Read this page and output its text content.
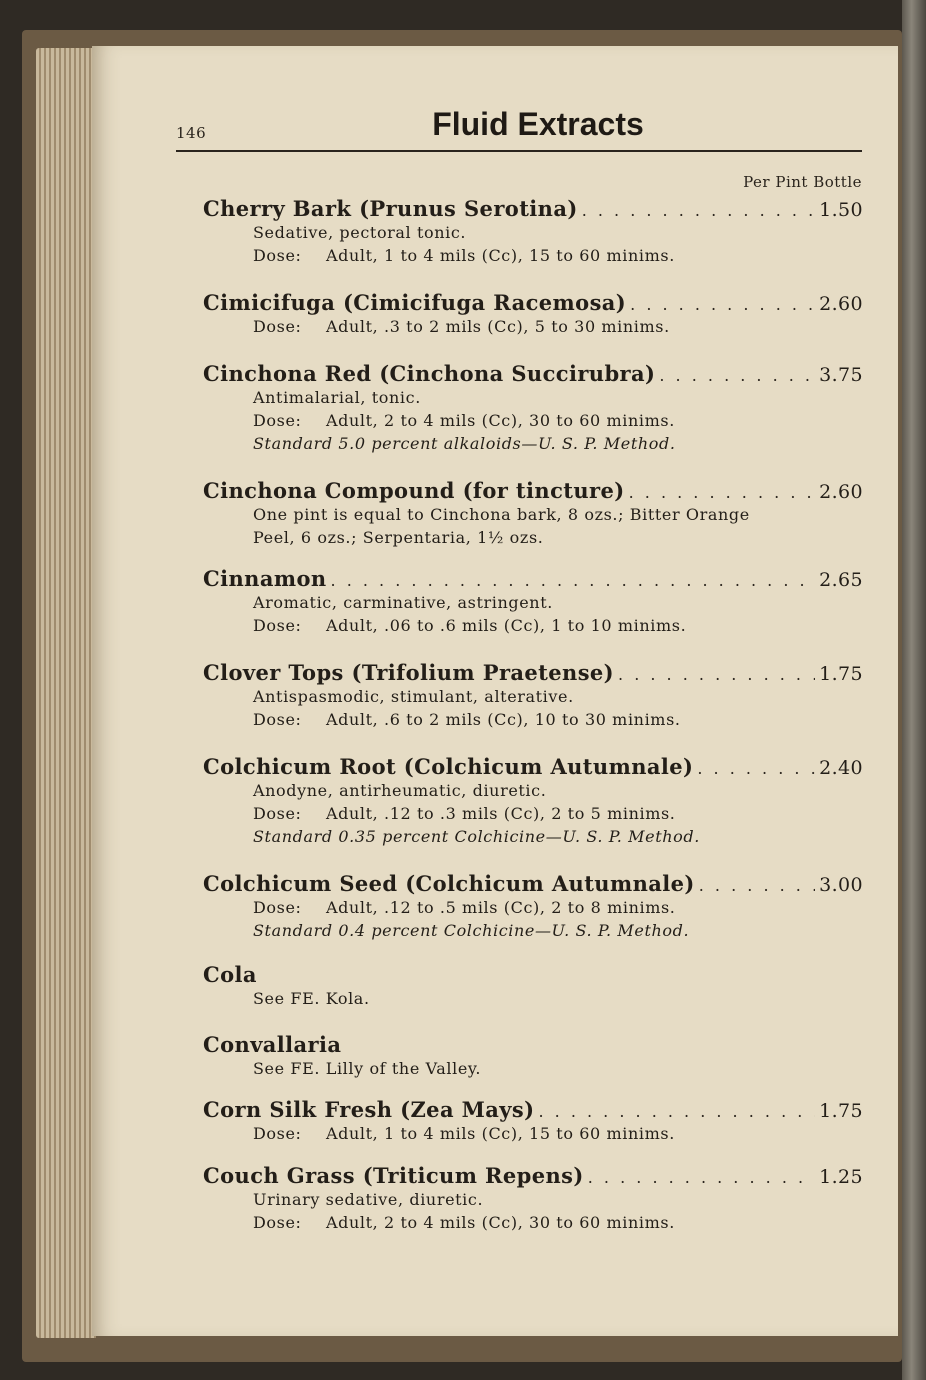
146	Fluid Extracts
Per Pint Bottle
Cherry Bark (Prunus Serotina) . . .	1.50
Sedative, pectoral tonic.
Dose: Adult, 1 to 4 mils (Cc), 15 to 60 minims.
Cimicifuga (Cimicifuga Racemosa) . . .	2.60
Dose: Adult, .3 to 2 mils (Cc), 5 to 30 minims.
Cinchona Red (Cinchona Succirubra) . . .	3.75
Antimalarial, tonic.
Dose: Adult, 2 to 4 mils (Cc), 30 to 60 minims.
Standard 5.0 percent alkaloids—U. S. P. Method.
Cinchona Compound (for tincture) . . .	2.60
One pint is equal to Cinchona bark, 8 ozs.; Bitter Orange
Peel, 6 ozs.; Serpentaria, 1½ ozs.
Cinnamon . . .	2.65
Aromatic, carminative, astringent.
Dose: Adult, .06 to .6 mils (Cc), 1 to 10 minims.
Clover Tops (Trifolium Praetense) . . .	1.75
Antispasmodic, stimulant, alterative.
Dose: Adult, .6 to 2 mils (Cc), 10 to 30 minims.
Colchicum Root (Colchicum Autumnale) . . .	2.40
Anodyne, antirheumatic, diuretic.
Dose: Adult, .12 to .3 mils (Cc), 2 to 5 minims.
Standard 0.35 percent Colchicine—U. S. P. Method.
Colchicum Seed (Colchicum Autumnale) . . .	3.00
Dose: Adult, .12 to .5 mils (Cc), 2 to 8 minims.
Standard 0.4 percent Colchicine—U. S. P. Method.
Cola
See FE. Kola.
Convallaria
See FE. Lilly of the Valley.
Corn Silk Fresh (Zea Mays) . . .	1.75
Dose: Adult, 1 to 4 mils (Cc), 15 to 60 minims.
Couch Grass (Triticum Repens) . . .	1.25
Urinary sedative, diuretic.
Dose: Adult, 2 to 4 mils (Cc), 30 to 60 minims.
